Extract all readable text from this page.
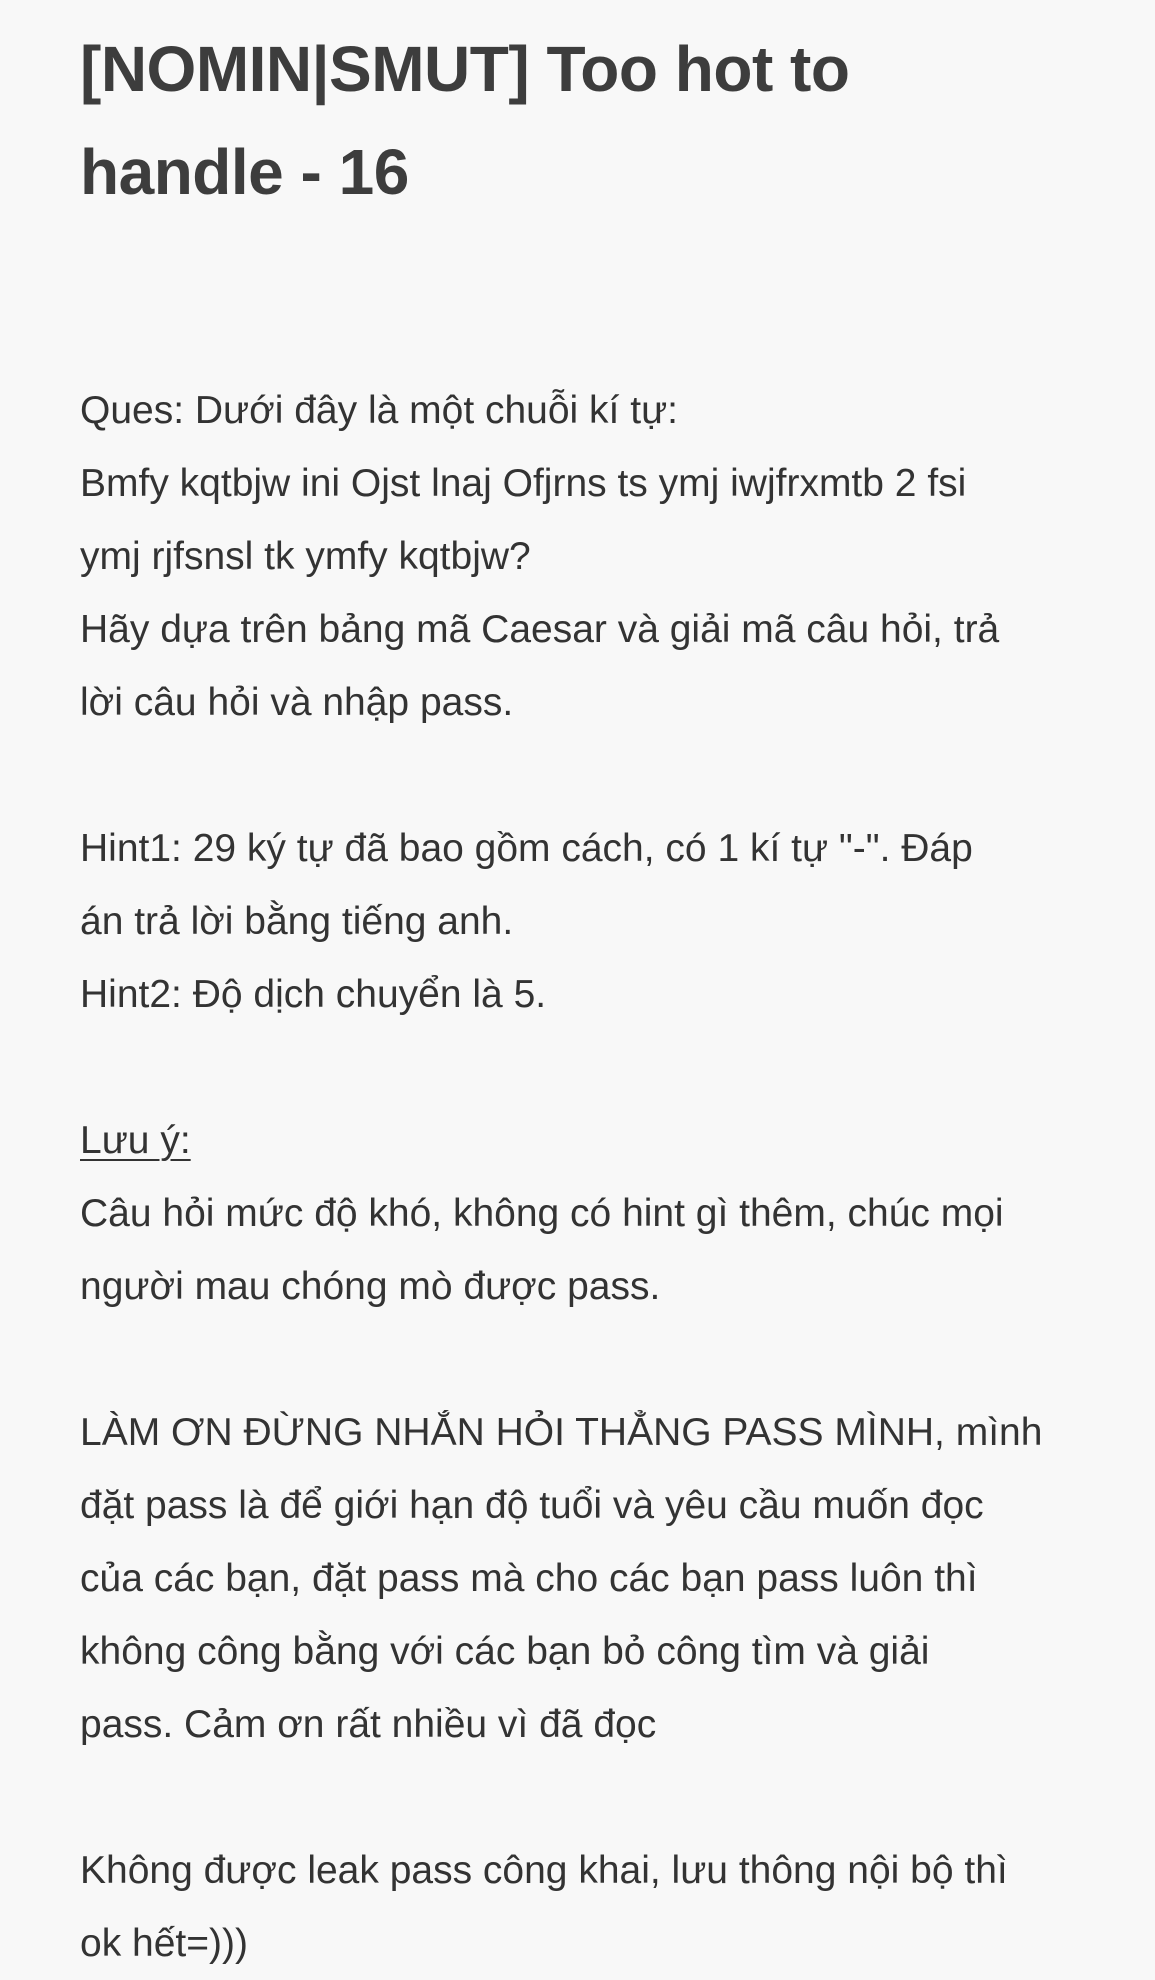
[NOMIN|SMUT] Too hot to
handle - 16
Ques: Dưới đây là một chuỗi kí tự:
Bmfy kqtbjw ini Ojst lnaj Ofjrns ts ymj iwjfrxmtb 2 fsi
ymj rjfsnsl tk ymfy kqtbjw?
Hãy dựa trên bảng mã Caesar và giải mã câu hỏi, trả
lời câu hỏi và nhập pass.
Hint1: 29 ký tự đã bao gồm cách, có 1 kí tự "-". Đáp
án trả lời bằng tiếng anh.
Hint2: Độ dịch chuyển là 5.
Lưu ý:
Câu hỏi mức độ khó, không có hint gì thêm, chúc mọi
người mau chóng mò được pass.
LÀM ƠN ĐỪNG NHẮN HỎI THẲNG PASS MÌNH, mình
đặt pass là để giới hạn độ tuổi và yêu cầu muốn đọc
của các bạn, đặt pass mà cho các bạn pass luôn thì
không công bằng với các bạn bỏ công tìm và giải
pass. Cảm ơn rất nhiều vì đã đọc
Không được leak pass công khai, lưu thông nội bộ thì
ok hết=)))
